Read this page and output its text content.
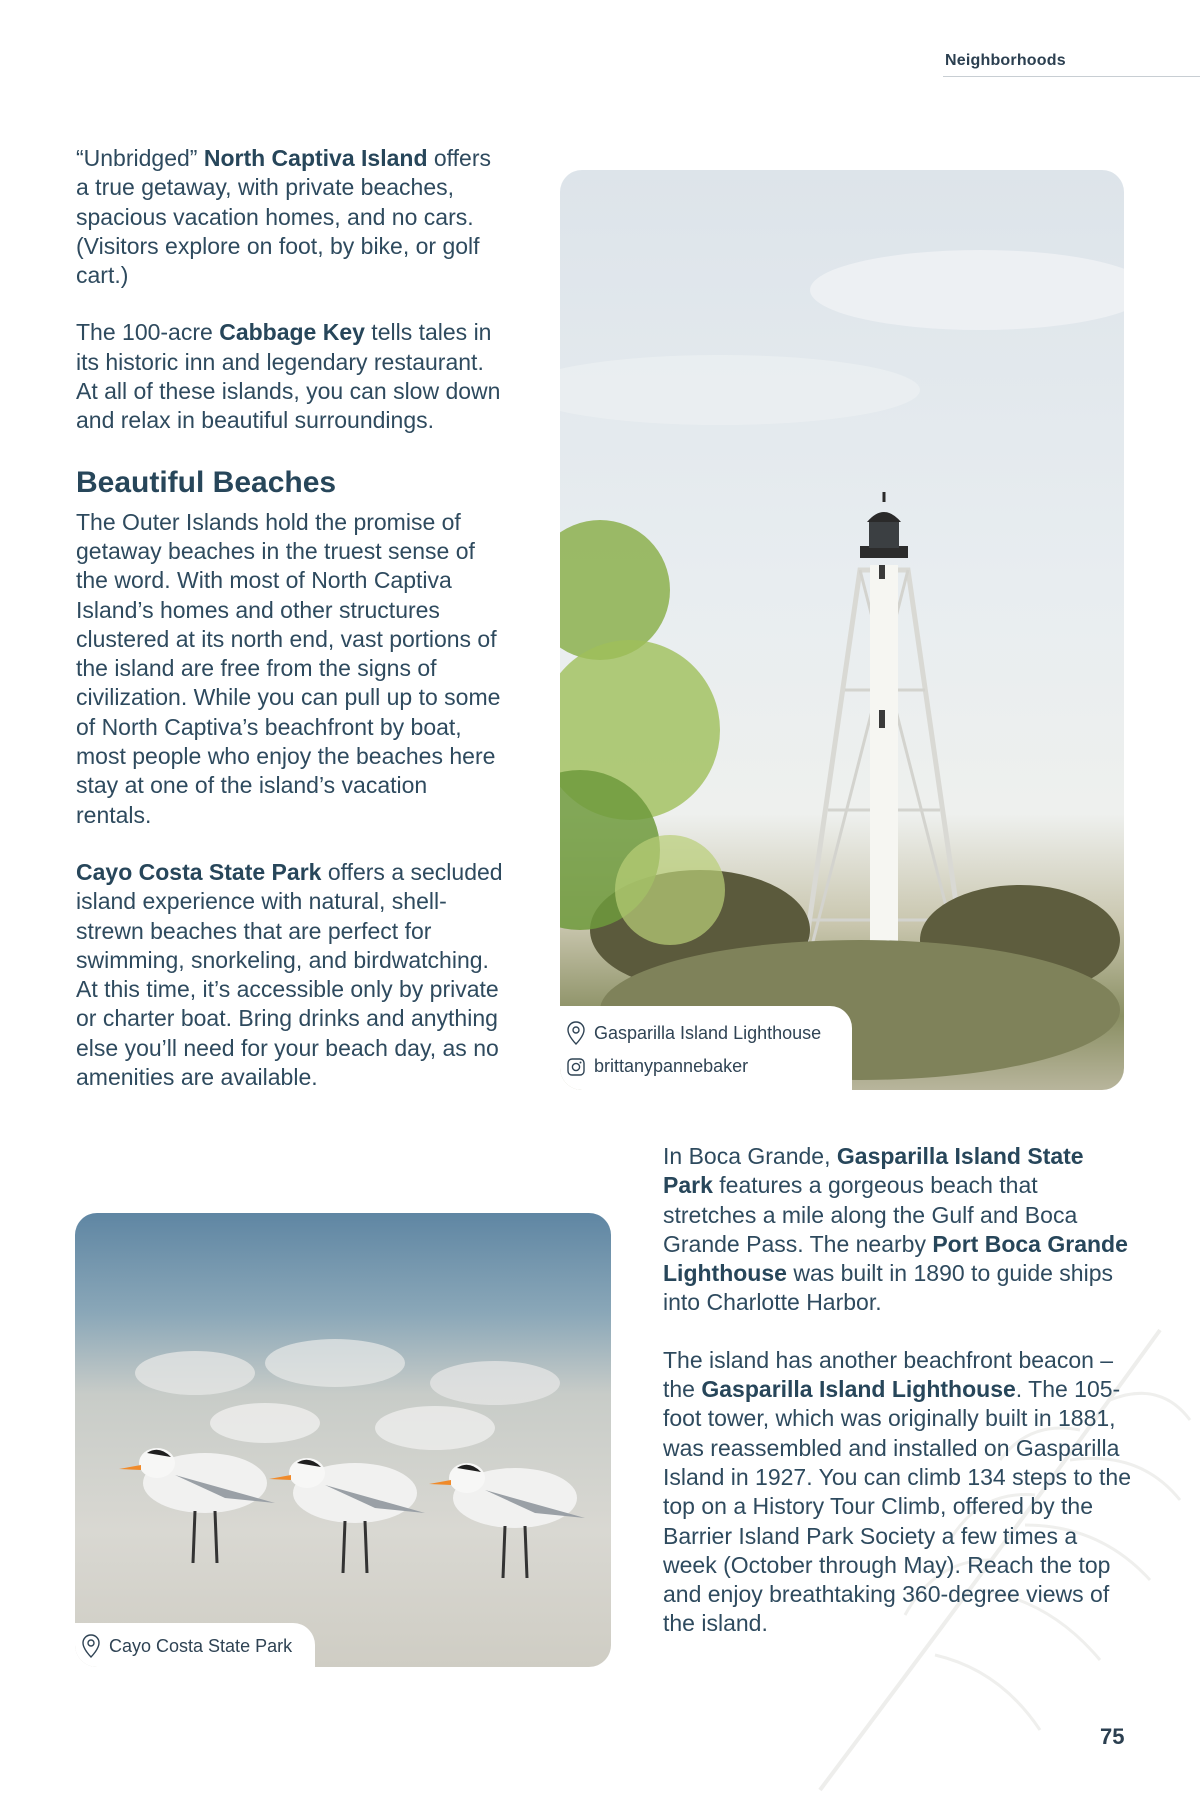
Neighborhoods

“Unbridged” North Captiva Island offers a true getaway, with private beaches, spacious vacation homes, and no cars. (Visitors explore on foot, by bike, or golf cart.)

The 100-acre Cabbage Key tells tales in its historic inn and legendary restaurant. At all of these islands, you can slow down and relax in beautiful surroundings.

Beautiful Beaches

The Outer Islands hold the promise of getaway beaches in the truest sense of the word. With most of North Captiva Island’s homes and other structures clustered at its north end, vast portions of the island are free from the signs of civilization. While you can pull up to some of North Captiva’s beachfront by boat, most people who enjoy the beaches here stay at one of the island’s vacation rentals.

Cayo Costa State Park offers a secluded island experience with natural, shell-strewn beaches that are perfect for swimming, snorkeling, and birdwatching. At this time, it’s accessible only by private or charter boat. Bring drinks and anything else you’ll need for your beach day, as no amenities are available.

Gasparilla Island Lighthouse
brittanypannebaker
Cayo Costa State Park

In Boca Grande, Gasparilla Island State Park features a gorgeous beach that stretches a mile along the Gulf and Boca Grande Pass. The nearby Port Boca Grande Lighthouse was built in 1890 to guide ships into Charlotte Harbor.

The island has another beachfront beacon – the Gasparilla Island Lighthouse. The 105-foot tower, which was originally built in 1881, was reassembled and installed on Gasparilla Island in 1927. You can climb 134 steps to the top on a History Tour Climb, offered by the Barrier Island Park Society a few times a week (October through May). Reach the top and enjoy breathtaking 360-degree views of the island.

75
